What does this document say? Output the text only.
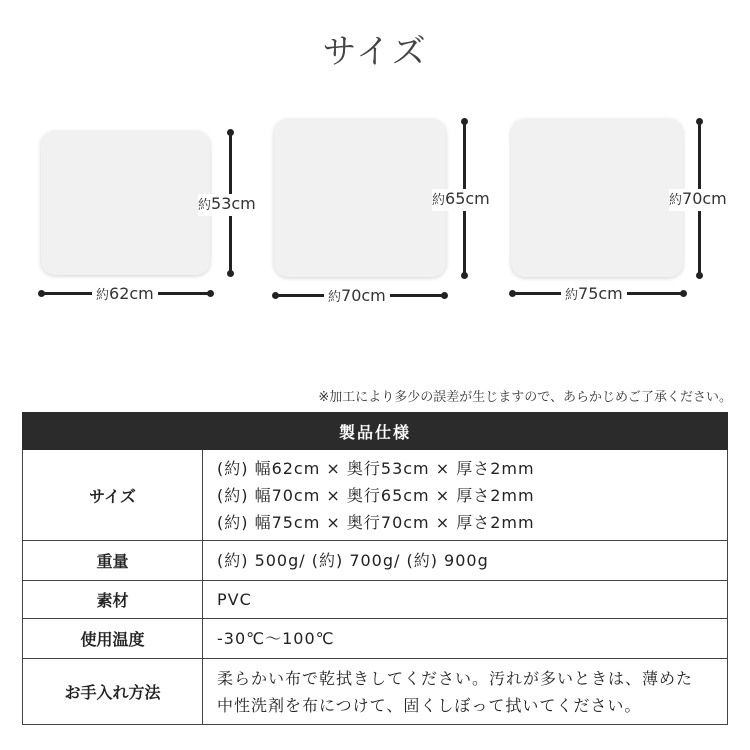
サイズ
約53cm
約62cm
約65cm
約70cm
約70cm
約75cm
※加工により多少の誤差が生じますので、あらかじめご了承ください。
製品仕様	
サイズ	(約) 幅62cm × 奥行53cm × 厚さ2mm
(約) 幅70cm × 奥行65cm × 厚さ2mm
(約) 幅75cm × 奥行70cm × 厚さ2mm

重量	(約) 500g/ (約) 700g/ (約) 900g

素材	PVC

使用温度	-30℃〜100℃

お手入れ方法	柔らかい布で乾拭きしてください。汚れが多いときは、薄めた
中性洗剤を布につけて、固くしぼって拭いてください。
